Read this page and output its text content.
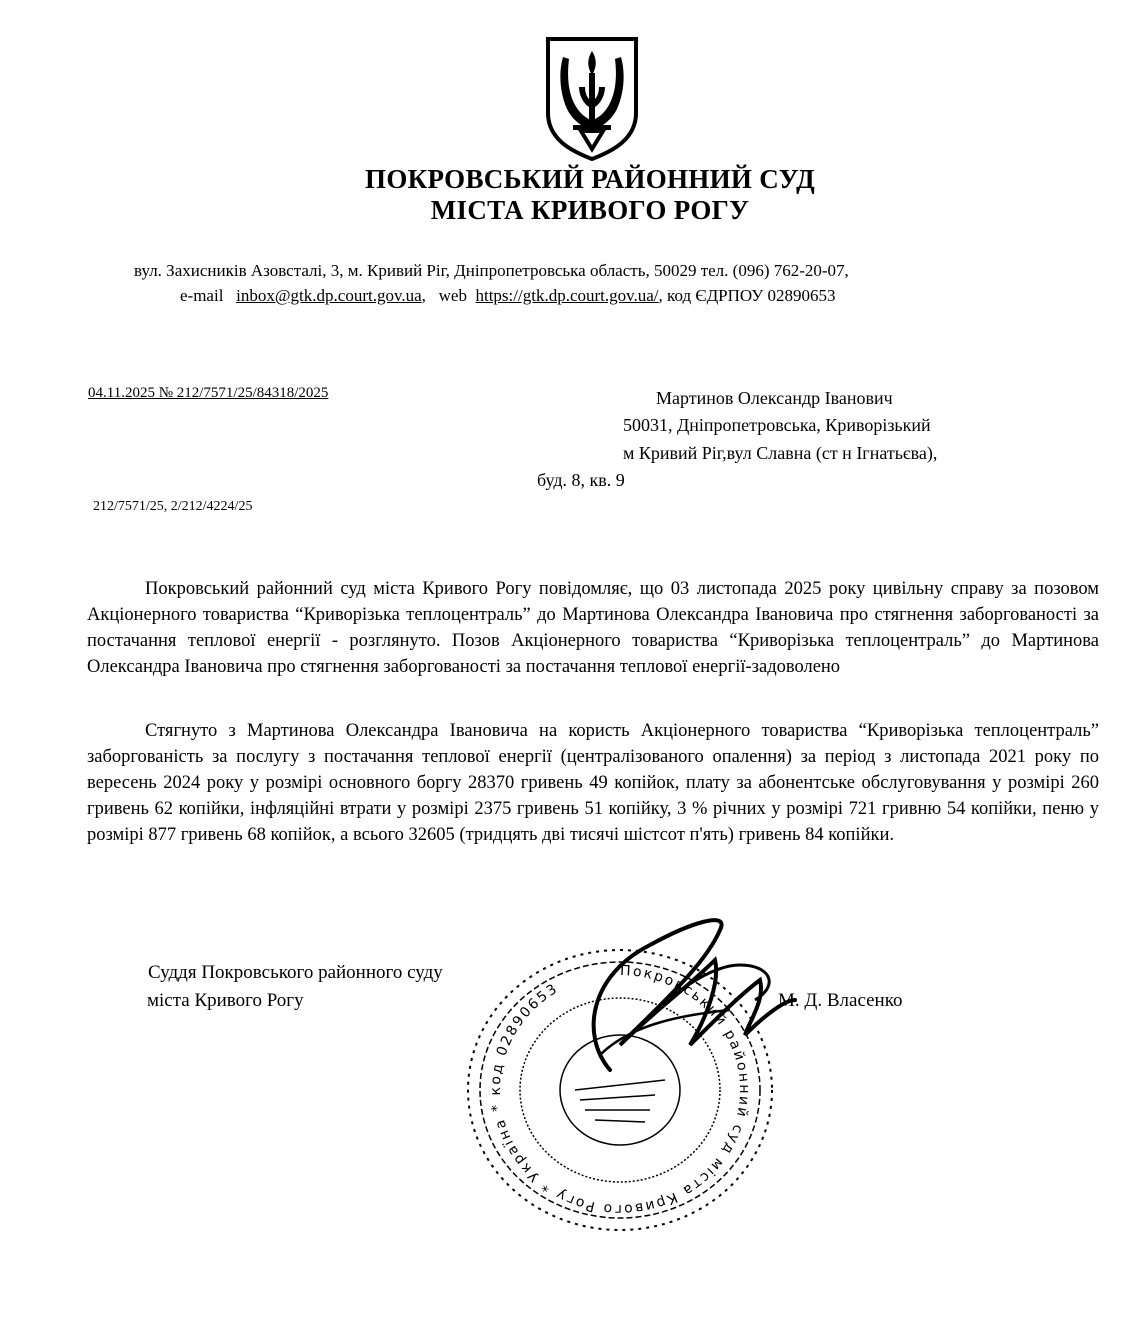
ПОКРОВСЬКИЙ РАЙОННИЙ СУД
МІСТА КРИВОГО РОГУ
вул. Захисників Азовсталі, 3, м. Кривий Ріг, Дніпропетровська область, 50029 тел. (096) 762-20-07,
e-mail inbox@gtk.dp.court.gov.ua,   web https://gtk.dp.court.gov.ua/, код ЄДРПОУ 02890653
04.11.2025 № 212/7571/25/84318/2025
212/7571/25, 2/212/4224/25
Мартинов Олександр Іванович
50031, Дніпропетровська, Криворізький
м Кривий Ріг,вул Славна (ст н Ігнатьєва),
буд. 8, кв. 9
Покровський районний суд міста Кривого Рогу повідомляє, що 03 листопада 2025 року цивільну справу за позовом Акціонерного товариства “Криворізька теплоцентраль” до Мартинова Олександра Івановича про стягнення заборгованості за постачання теплової енергії - розглянуто. Позов Акціонерного товариства “Криворізька теплоцентраль” до Мартинова Олександра Івановича про стягнення заборгованості за постачання теплової енергії-задоволено
Стягнуто з Мартинова Олександра Івановича на користь Акціонерного товариства “Криворізька теплоцентраль” заборгованість за послугу з постачання теплової енергії (централізованого опалення) за період з листопада 2021 року по вересень 2024 року у розмірі основного боргу 28370 гривень 49 копійок, плату за абонентське обслуговування у розмірі 260 гривень 62 копійки, інфляційні втрати у розмірі 2375 гривень 51 копійку, 3 % річних у розмірі 721 гривню 54 копійки, пеню у розмірі 877 гривень 68 копійок, а всього 32605 (тридцять дві тисячі шістсот п'ять) гривень 84 копійки.
Покровський районний суд міста Кривого Рогу * Україна * код 02890653
Суддя Покровського районного суду
міста Кривого Рогу	М. Д. Власенко
